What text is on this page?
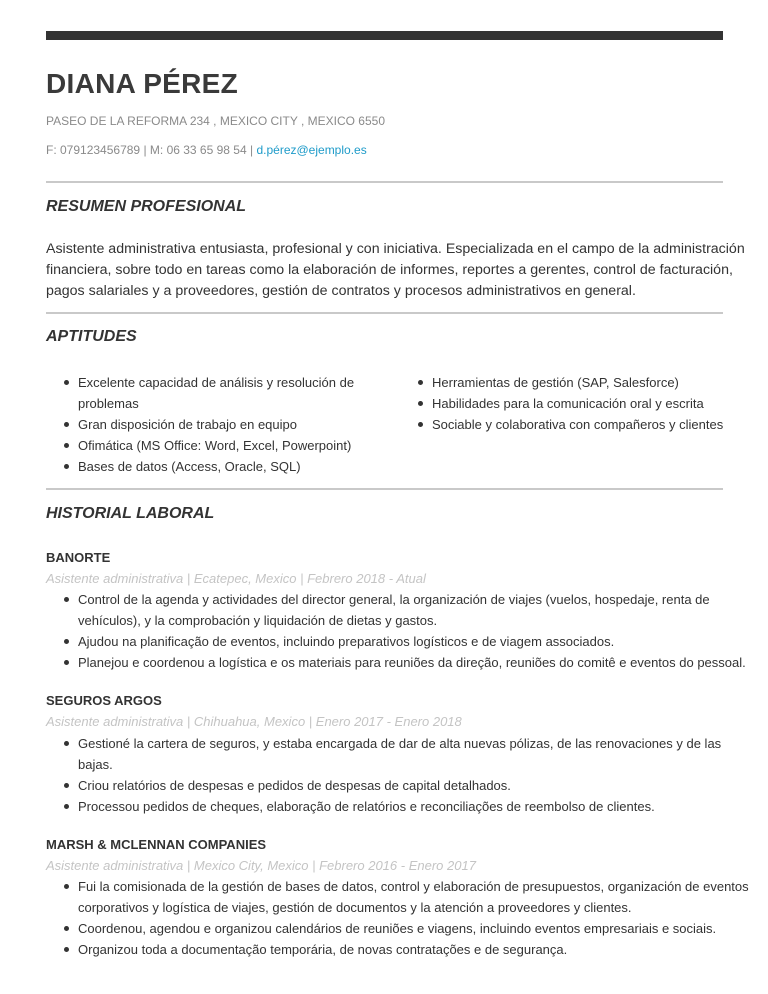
DIANA PÉREZ
PASEO DE LA REFORMA 234 , MEXICO CITY , MEXICO 6550
F: 079123456789 | M: 06 33 65 98 54 | d.pérez@ejemplo.es
RESUMEN PROFESIONAL

Asistente administrativa entusiasta, profesional y con iniciativa. Especializada en el campo de la administración financiera, sobre todo en tareas como la elaboración de informes, reportes a gerentes, control de facturación, pagos salariales y a proveedores, gestión de contratos y procesos administrativos en general.

APTITUDES
Excelente capacidad de análisis y resolución de problemas
Gran disposición de trabajo en equipo
Ofimática (MS Office: Word, Excel, Powerpoint)
Bases de datos (Access, Oracle, SQL)
Herramientas de gestión (SAP, Salesforce)
Habilidades para la comunicación oral y escrita
Sociable y colaborativa con compañeros y clientes
HISTORIAL LABORAL
BANORTE
Asistente administrativa | Ecatepec, Mexico | Febrero 2018 - Atual
Control de la agenda y actividades del director general, la organización de viajes (vuelos, hospedaje, renta de vehículos), y la comprobación y liquidación de dietas y gastos.
Ajudou na planificação de eventos, incluindo preparativos logísticos e de viagem associados.
Planejou e coordenou a logística e os materiais para reuniões da direção, reuniões do comitê e eventos do pessoal.
SEGUROS ARGOS
Asistente administrativa | Chihuahua, Mexico | Enero 2017 - Enero 2018
Gestioné la cartera de seguros, y estaba encargada de dar de alta nuevas pólizas, de las renovaciones y de las bajas.
Criou relatórios de despesas e pedidos de despesas de capital detalhados.
Processou pedidos de cheques, elaboração de relatórios e reconciliações de reembolso de clientes.
MARSH & MCLENNAN COMPANIES
Asistente administrativa | Mexico City, Mexico | Febrero 2016 - Enero 2017
Fui la comisionada de la gestión de bases de datos, control y elaboración de presupuestos, organización de eventos corporativos y logística de viajes, gestión de documentos y la atención a proveedores y clientes.
Coordenou, agendou e organizou calendários de reuniões e viagens, incluindo eventos empresariais e sociais.
Organizou toda a documentação temporária, de novas contratações e de segurança.
